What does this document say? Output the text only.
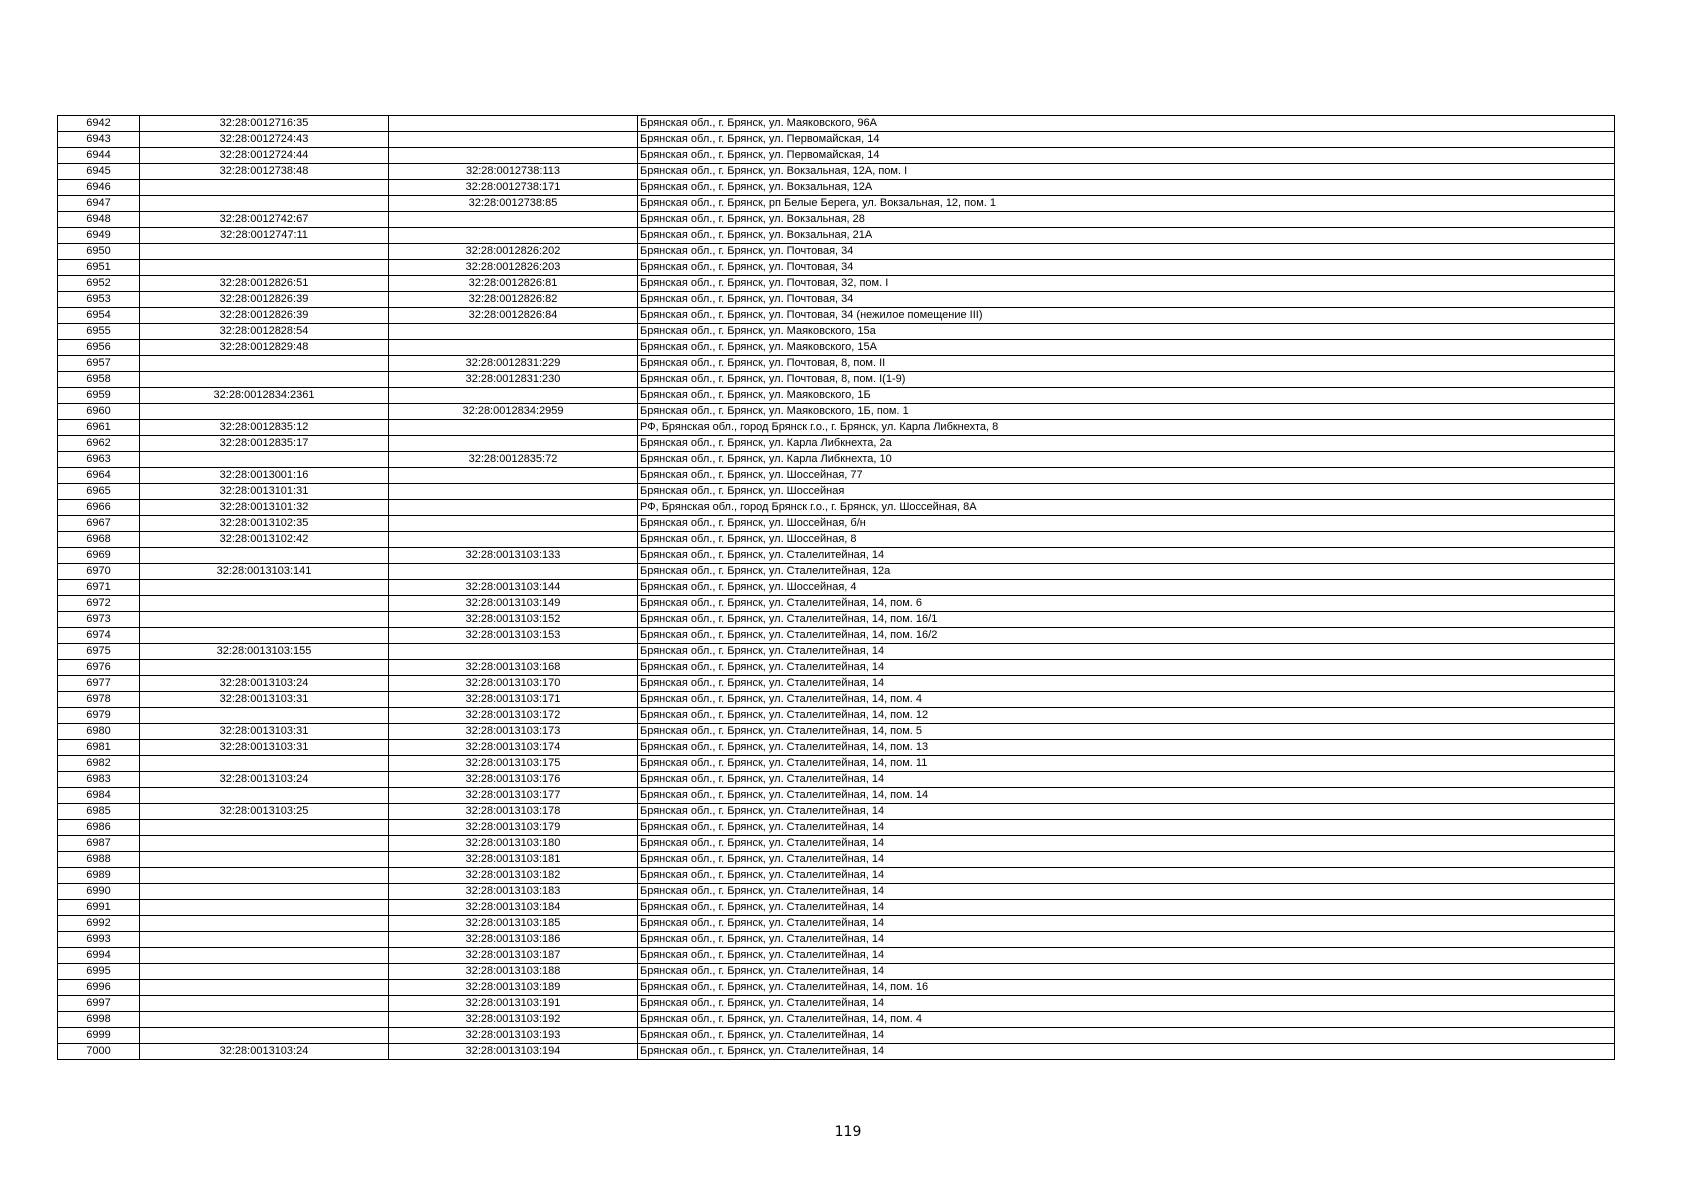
6942	32:28:0012716:35		Брянская обл., г. Брянск, ул. Маяковского, 96А
6943	32:28:0012724:43		Брянская обл., г. Брянск, ул. Первомайская, 14
6944	32:28:0012724:44		Брянская обл., г. Брянск, ул. Первомайская, 14
6945	32:28:0012738:48	32:28:0012738:113	Брянская обл., г. Брянск, ул. Вокзальная, 12А, пом. I
6946		32:28:0012738:171	Брянская обл., г. Брянск, ул. Вокзальная, 12А
6947		32:28:0012738:85	Брянская обл., г. Брянск, рп Белые Берега, ул. Вокзальная, 12, пом. 1
6948	32:28:0012742:67		Брянская обл., г. Брянск, ул. Вокзальная, 28
6949	32:28:0012747:11		Брянская обл., г. Брянск, ул. Вокзальная, 21А
6950		32:28:0012826:202	Брянская обл., г. Брянск, ул. Почтовая, 34
6951		32:28:0012826:203	Брянская обл., г. Брянск, ул. Почтовая, 34
6952	32:28:0012826:51	32:28:0012826:81	Брянская обл., г. Брянск, ул. Почтовая, 32, пом. I
6953	32:28:0012826:39	32:28:0012826:82	Брянская обл., г. Брянск, ул. Почтовая, 34
6954	32:28:0012826:39	32:28:0012826:84	Брянская обл., г. Брянск, ул. Почтовая, 34 (нежилое помещение III)
6955	32:28:0012828:54		Брянская обл., г. Брянск, ул. Маяковского, 15а
6956	32:28:0012829:48		Брянская обл., г. Брянск, ул. Маяковского, 15А
6957		32:28:0012831:229	Брянская обл., г. Брянск, ул. Почтовая, 8, пом. II
6958		32:28:0012831:230	Брянская обл., г. Брянск, ул. Почтовая, 8, пом. I(1-9)
6959	32:28:0012834:2361		Брянская обл., г. Брянск, ул. Маяковского, 1Б
6960		32:28:0012834:2959	Брянская обл., г. Брянск, ул. Маяковского, 1Б, пом. 1
6961	32:28:0012835:12		РФ, Брянская обл., город Брянск г.о., г. Брянск, ул. Карла Либкнехта, 8
6962	32:28:0012835:17		Брянская обл., г. Брянск, ул. Карла Либкнехта, 2а
6963		32:28:0012835:72	Брянская обл., г. Брянск, ул. Карла Либкнехта, 10
6964	32:28:0013001:16		Брянская обл., г. Брянск, ул. Шоссейная, 77
6965	32:28:0013101:31		Брянская обл., г. Брянск, ул. Шоссейная
6966	32:28:0013101:32		РФ, Брянская обл., город Брянск г.о., г. Брянск, ул. Шоссейная, 8А
6967	32:28:0013102:35		Брянская обл., г. Брянск, ул. Шоссейная, б/н
6968	32:28:0013102:42		Брянская обл., г. Брянск, ул. Шоссейная, 8
6969		32:28:0013103:133	Брянская обл., г. Брянск, ул. Сталелитейная, 14
6970	32:28:0013103:141		Брянская обл., г. Брянск, ул. Сталелитейная, 12а
6971		32:28:0013103:144	Брянская обл., г. Брянск, ул. Шоссейная, 4
6972		32:28:0013103:149	Брянская обл., г. Брянск, ул. Сталелитейная, 14, пом. 6
6973		32:28:0013103:152	Брянская обл., г. Брянск, ул. Сталелитейная, 14, пом. 16/1
6974		32:28:0013103:153	Брянская обл., г. Брянск, ул. Сталелитейная, 14, пом. 16/2
6975	32:28:0013103:155		Брянская обл., г. Брянск, ул. Сталелитейная, 14
6976		32:28:0013103:168	Брянская обл., г. Брянск, ул. Сталелитейная, 14
6977	32:28:0013103:24	32:28:0013103:170	Брянская обл., г. Брянск, ул. Сталелитейная, 14
6978	32:28:0013103:31	32:28:0013103:171	Брянская обл., г. Брянск, ул. Сталелитейная, 14, пом. 4
6979		32:28:0013103:172	Брянская обл., г. Брянск, ул. Сталелитейная, 14, пом. 12
6980	32:28:0013103:31	32:28:0013103:173	Брянская обл., г. Брянск, ул. Сталелитейная, 14, пом. 5
6981	32:28:0013103:31	32:28:0013103:174	Брянская обл., г. Брянск, ул. Сталелитейная, 14, пом. 13
6982		32:28:0013103:175	Брянская обл., г. Брянск, ул. Сталелитейная, 14, пом. 11
6983	32:28:0013103:24	32:28:0013103:176	Брянская обл., г. Брянск, ул. Сталелитейная, 14
6984		32:28:0013103:177	Брянская обл., г. Брянск, ул. Сталелитейная, 14, пом. 14
6985	32:28:0013103:25	32:28:0013103:178	Брянская обл., г. Брянск, ул. Сталелитейная, 14
6986		32:28:0013103:179	Брянская обл., г. Брянск, ул. Сталелитейная, 14
6987		32:28:0013103:180	Брянская обл., г. Брянск, ул. Сталелитейная, 14
6988		32:28:0013103:181	Брянская обл., г. Брянск, ул. Сталелитейная, 14
6989		32:28:0013103:182	Брянская обл., г. Брянск, ул. Сталелитейная, 14
6990		32:28:0013103:183	Брянская обл., г. Брянск, ул. Сталелитейная, 14
6991		32:28:0013103:184	Брянская обл., г. Брянск, ул. Сталелитейная, 14
6992		32:28:0013103:185	Брянская обл., г. Брянск, ул. Сталелитейная, 14
6993		32:28:0013103:186	Брянская обл., г. Брянск, ул. Сталелитейная, 14
6994		32:28:0013103:187	Брянская обл., г. Брянск, ул. Сталелитейная, 14
6995		32:28:0013103:188	Брянская обл., г. Брянск, ул. Сталелитейная, 14
6996		32:28:0013103:189	Брянская обл., г. Брянск, ул. Сталелитейная, 14, пом. 16
6997		32:28:0013103:191	Брянская обл., г. Брянск, ул. Сталелитейная, 14
6998		32:28:0013103:192	Брянская обл., г. Брянск, ул. Сталелитейная, 14, пом. 4
6999		32:28:0013103:193	Брянская обл., г. Брянск, ул. Сталелитейная, 14
7000	32:28:0013103:24	32:28:0013103:194	Брянская обл., г. Брянск, ул. Сталелитейная, 14
119
